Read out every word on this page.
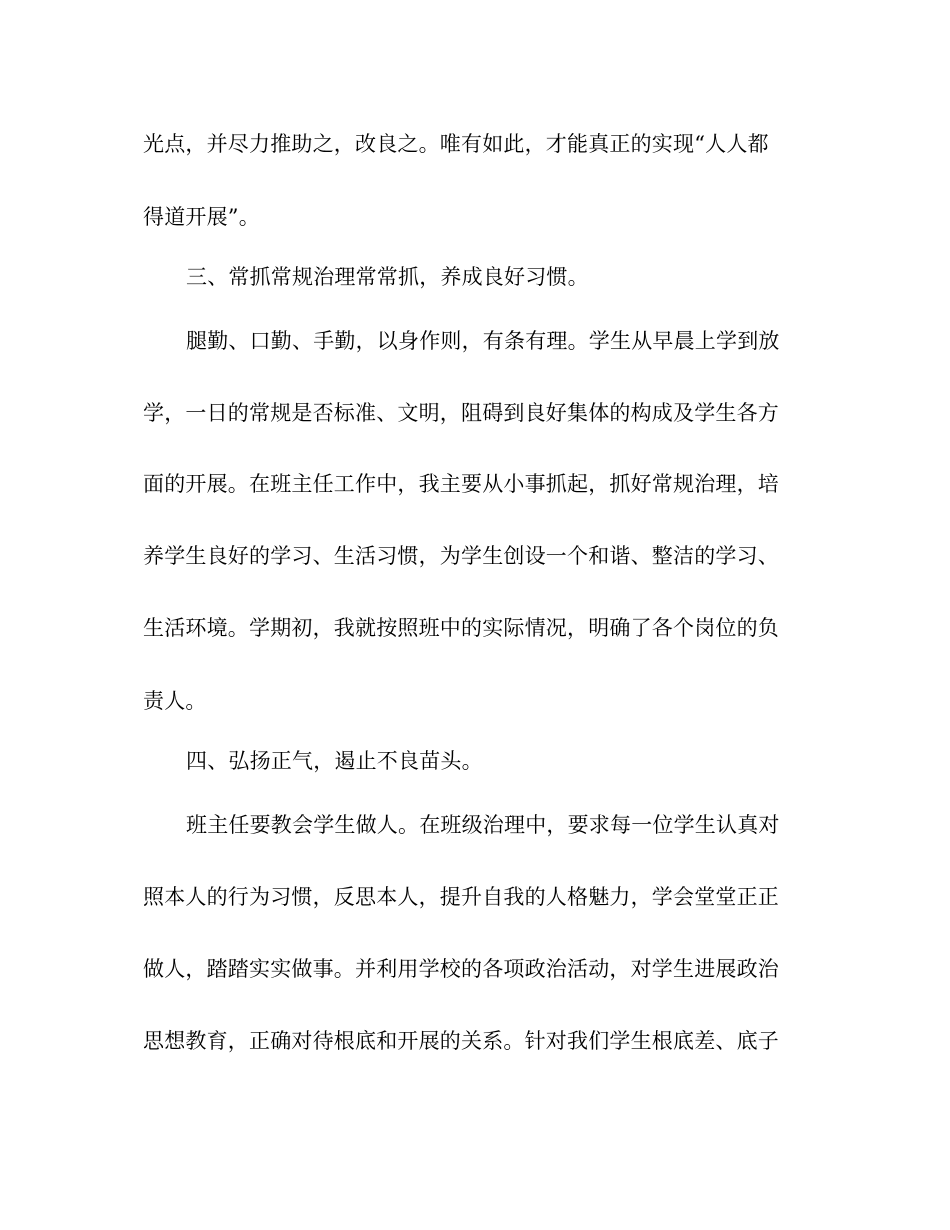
光点，并尽力推助之，改良之。唯有如此，才能真正的实现“人人都
得道开展”。
三、常抓常规治理常常抓，养成良好习惯。
腿勤、口勤、手勤，以身作则，有条有理。学生从早晨上学到放
学，一日的常规是否标准、文明，阻碍到良好集体的构成及学生各方
面的开展。在班主任工作中，我主要从小事抓起，抓好常规治理，培
养学生良好的学习、生活习惯，为学生创设一个和谐、整洁的学习、
生活环境。学期初，我就按照班中的实际情况，明确了各个岗位的负
责人。
四、弘扬正气，遏止不良苗头。
班主任要教会学生做人。在班级治理中，要求每一位学生认真对
照本人的行为习惯，反思本人，提升自我的人格魅力，学会堂堂正正
做人，踏踏实实做事。并利用学校的各项政治活动，对学生进展政治
思想教育，正确对待根底和开展的关系。针对我们学生根底差、底子
